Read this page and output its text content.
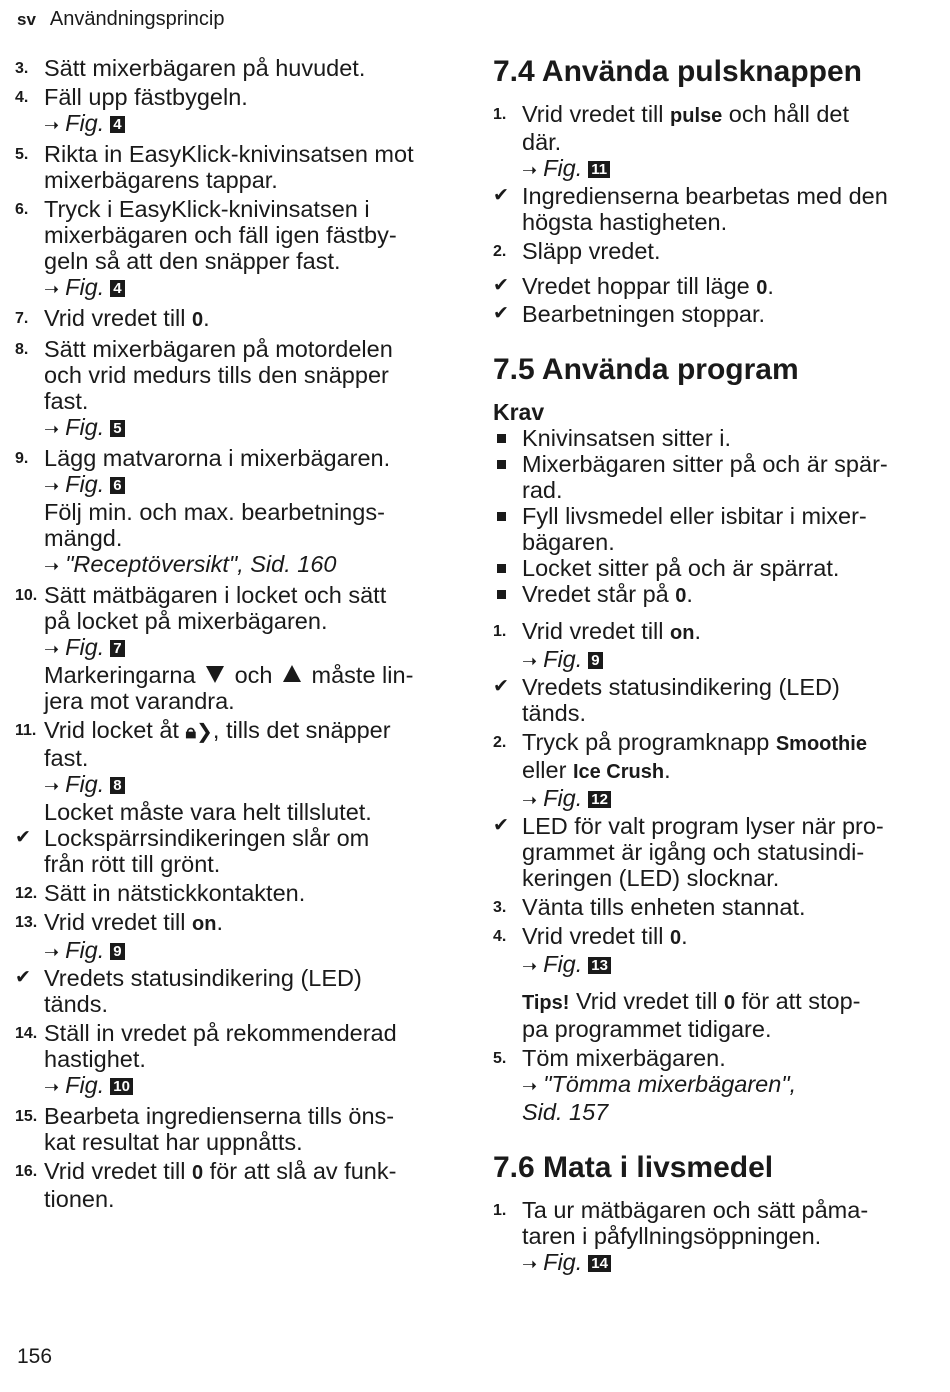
sv Användningsprincip
3. Sätt mixerbägaren på huvudet.
4. Fäll upp fästbygeln.
➝ Fig. 4
5. Rikta in EasyKlick-knivinsatsen mot
mixerbägarens tappar.
6. Tryck i EasyKlick-knivinsatsen i
mixerbägaren och fäll igen fästby-
geln så att den snäpper fast.
➝ Fig. 4
7. Vrid vredet till 0.
8. Sätt mixerbägaren på motordelen
och vrid medurs tills den snäpper
fast.
➝ Fig. 5
9. Lägg matvarorna i mixerbägaren.
➝ Fig. 6
Följ min. och max. bearbetnings-
mängd.
➝ "Receptöversikt", Sid. 160
10. Sätt mätbägaren i locket och sätt
på locket på mixerbägaren.
➝ Fig. 7
Markeringarna och måste lin-
jera mot varandra.
11. Vrid locket åt 🔒︎❯, tills det snäpper
fast.
➝ Fig. 8
Locket måste vara helt tillslutet.
✔ Lockspärrsindikeringen slår om
från rött till grönt.
12. Sätt in nätstickkontakten.
13. Vrid vredet till on.
➝ Fig. 9
✔ Vredets statusindikering (LED)
tänds.
14. Ställ in vredet på rekommenderad
hastighet.
➝ Fig. 10
15. Bearbeta ingredienserna tills öns-
kat resultat har uppnåtts.
16. Vrid vredet till 0 för att slå av funk-
tionen.
7.4 Använda pulsknappen
1. Vrid vredet till pulse och håll det
där.
➝ Fig. 11
✔ Ingredienserna bearbetas med den
högsta hastigheten.
2. Släpp vredet.
✔ Vredet hoppar till läge 0.
✔ Bearbetningen stoppar.
7.5 Använda program
Krav
Knivinsatsen sitter i.
Mixerbägaren sitter på och är spär-
rad.
Fyll livsmedel eller isbitar i mixer-
bägaren.
Locket sitter på och är spärrat.
Vredet står på 0.
1. Vrid vredet till on.
➝ Fig. 9
✔ Vredets statusindikering (LED)
tänds.
2. Tryck på programknapp Smoothie
eller Ice Crush.
➝ Fig. 12
✔ LED för valt program lyser när pro-
grammet är igång och statusindi-
keringen (LED) slocknar.
3. Vänta tills enheten stannat.
4. Vrid vredet till 0.
➝ Fig. 13
Tips! Vrid vredet till 0 för att stop-
pa programmet tidigare.
5. Töm mixerbägaren.
➝ "Tömma mixerbägaren",
Sid. 157
7.6 Mata i livsmedel
1. Ta ur mätbägaren och sätt påma-
taren i påfyllningsöppningen.
➝ Fig. 14
156
